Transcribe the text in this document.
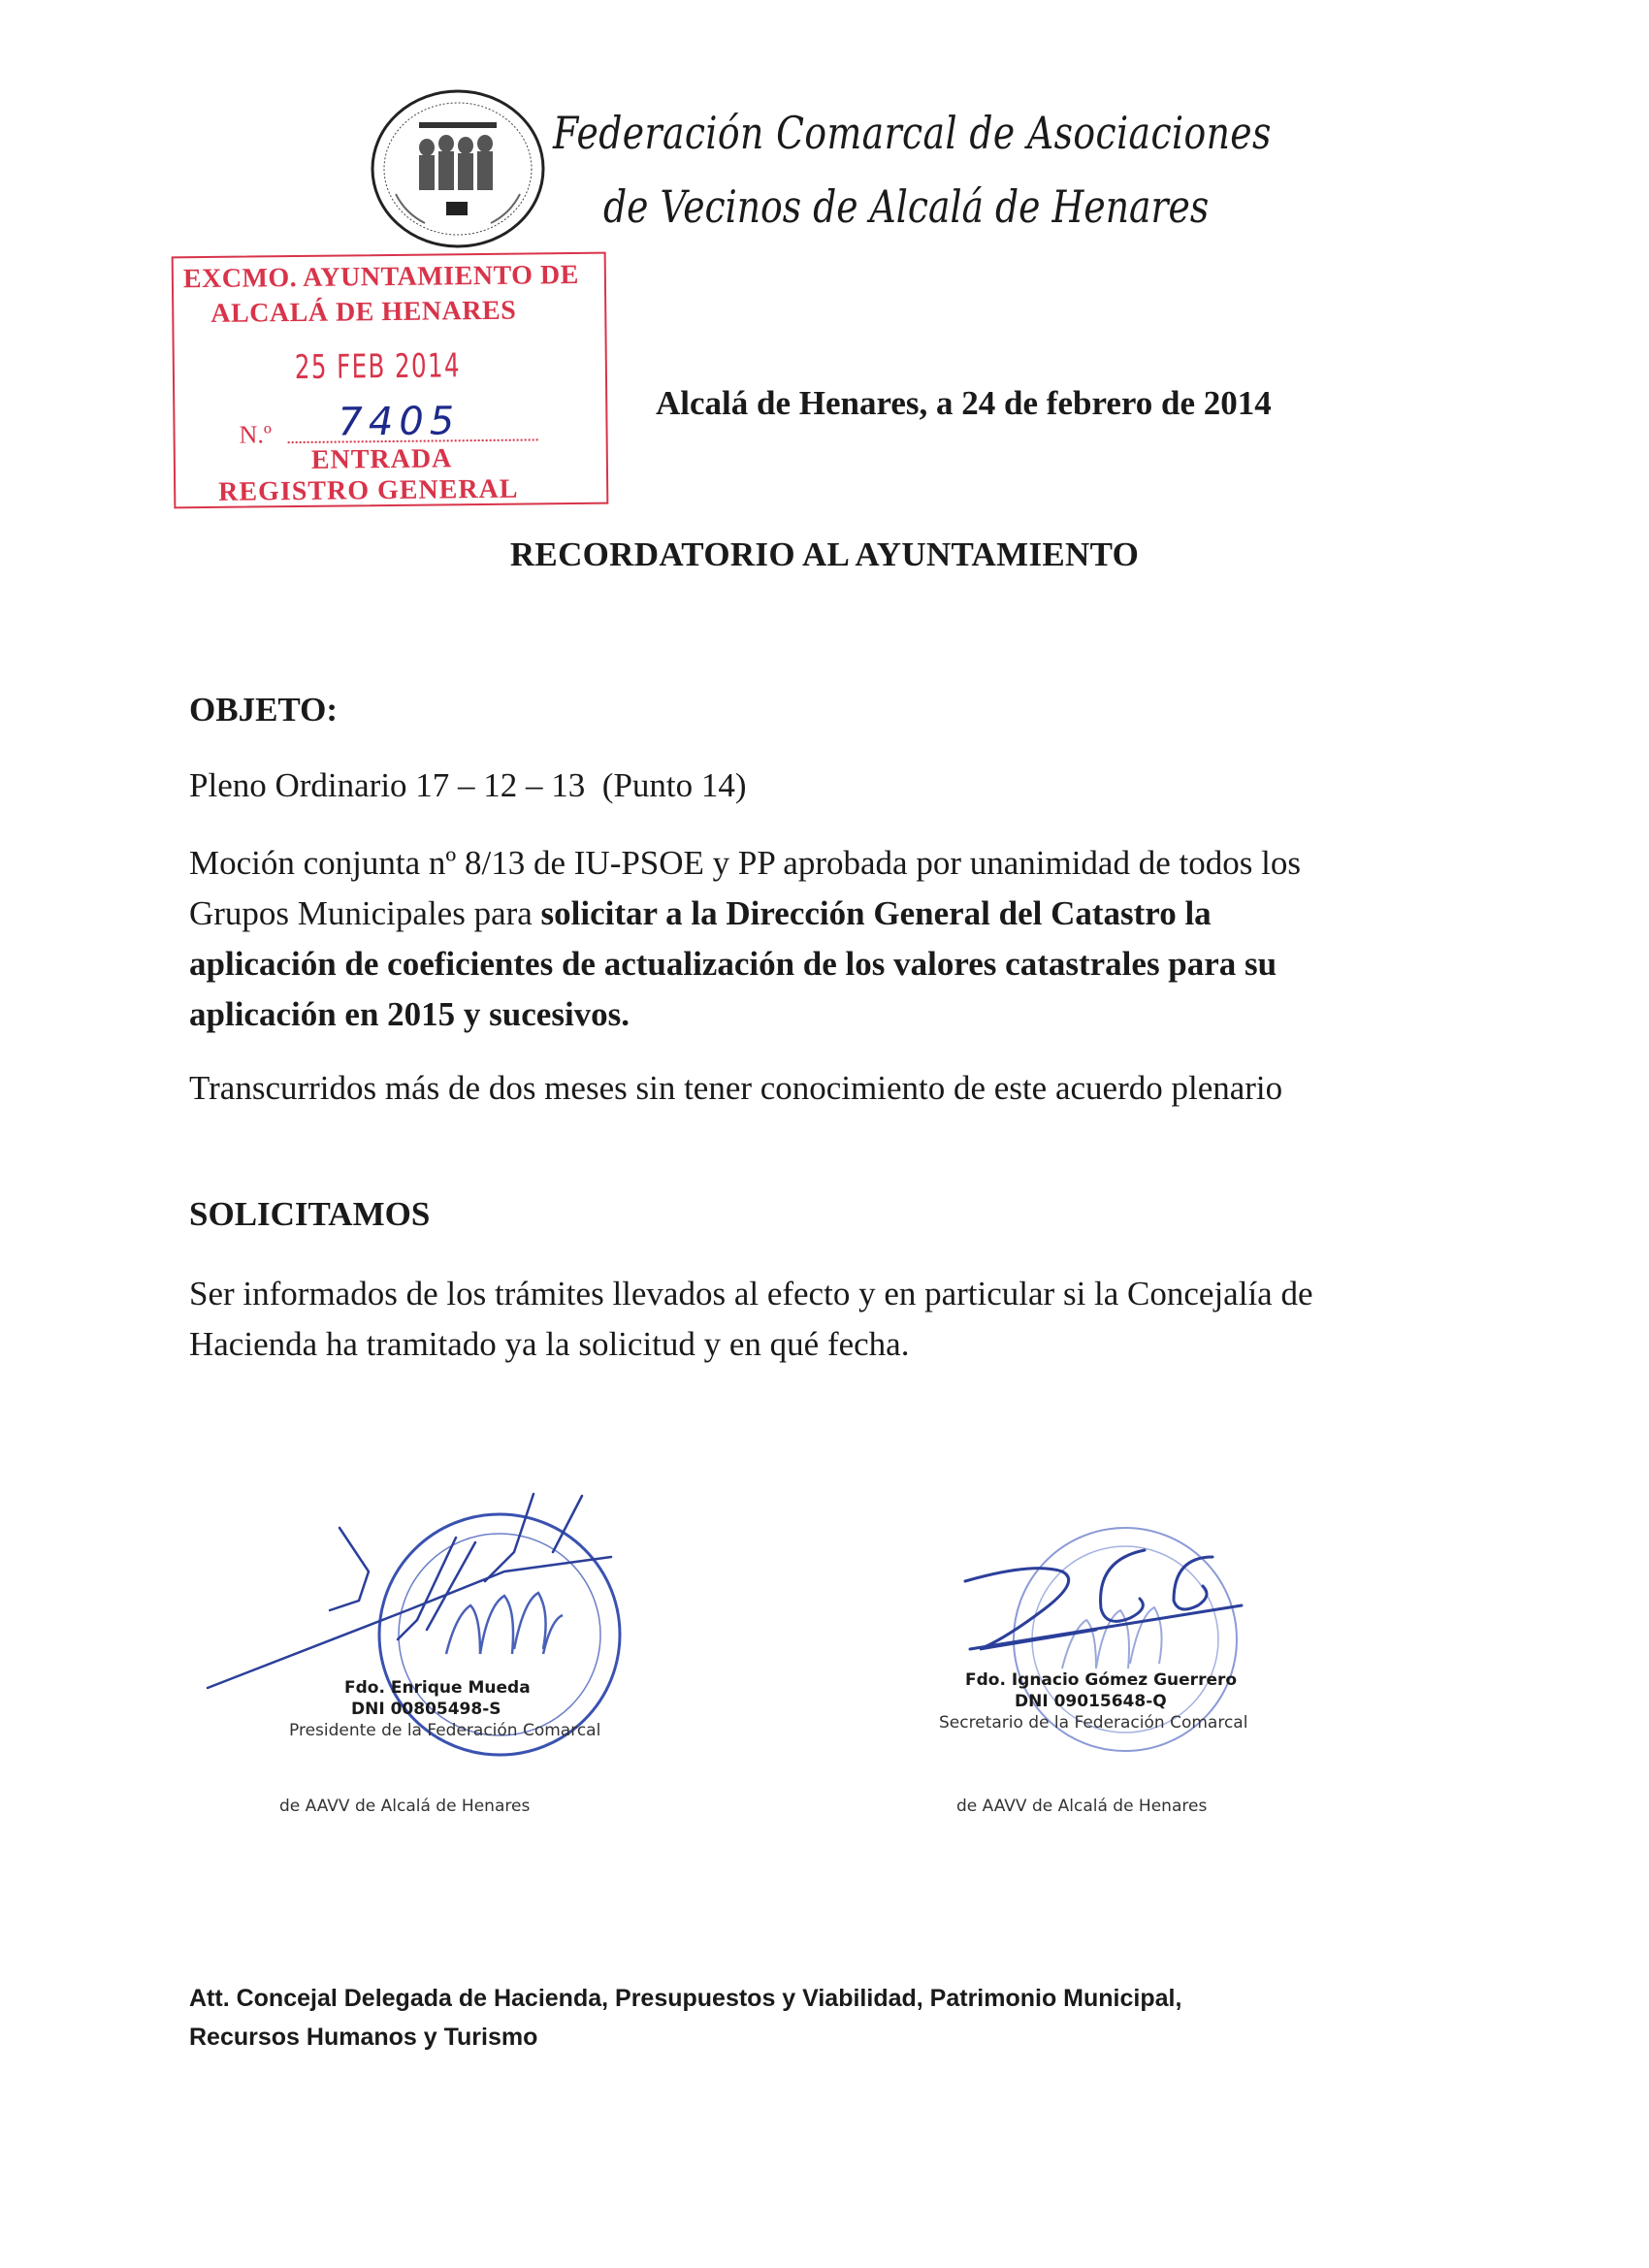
Federación Comarcal de Asociaciones
de Vecinos de Alcalá de Henares
EXCMO. AYUNTAMIENTO DE
ALCALÁ DE HENARES
25 FEB 2014
N.º 7405
ENTRADA
REGISTRO GENERAL
Alcalá de Henares, a 24 de febrero de 2014
RECORDATORIO AL AYUNTAMIENTO
OBJETO:
Pleno Ordinario 17 – 12 – 13  (Punto 14)
Moción conjunta nº 8/13 de IU-PSOE y PP aprobada por unanimidad de todos los Grupos Municipales para solicitar a la Dirección General del Catastro la aplicación de coeficientes de actualización de los valores catastrales para su aplicación en 2015 y sucesivos.
Transcurridos más de dos meses sin tener conocimiento de este acuerdo plenario
SOLICITAMOS
Ser informados de los trámites llevados al efecto y en particular si la Concejalía de Hacienda ha tramitado ya la solicitud y en qué fecha.
Fdo. Enrique Mueda
DNI 00805498-S
Presidente de la Federación Comarcal
de AAVV de Alcalá de Henares
Fdo. Ignacio Gómez Guerrero
DNI 09015648-Q
Secretario de la Federación Comarcal
de AAVV de Alcalá de Henares
Att. Concejal Delegada de Hacienda, Presupuestos y Viabilidad, Patrimonio Municipal,
Recursos Humanos y Turismo
